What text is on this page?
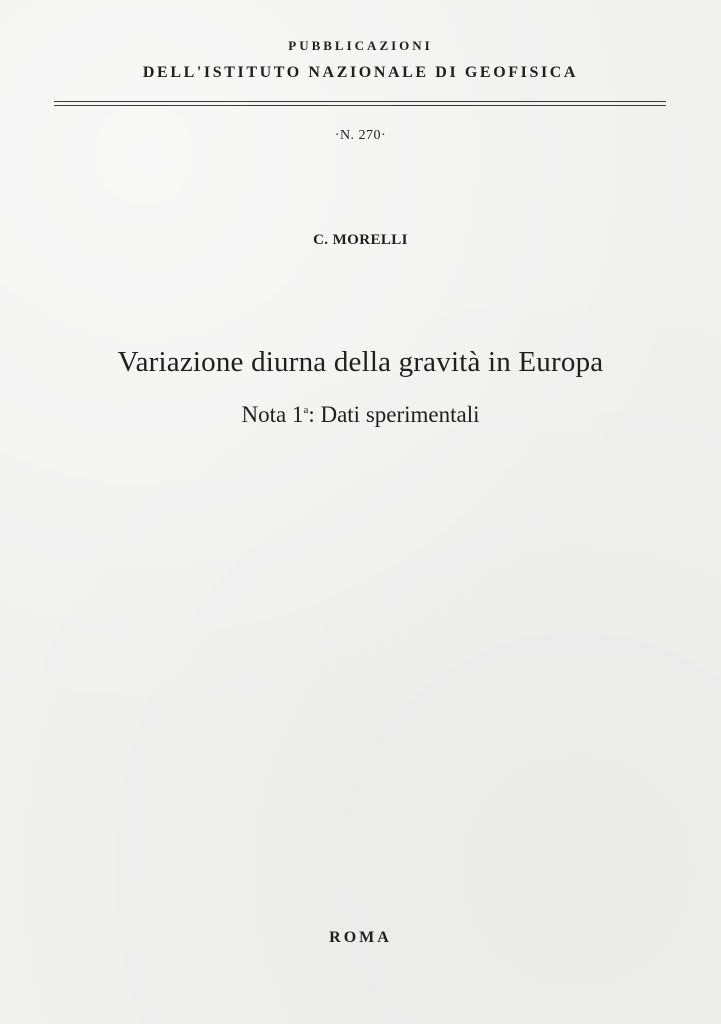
PUBBLICAZIONI
DELL'ISTITUTO NAZIONALE DI GEOFISICA
·N. 270·
C. MORELLI
Variazione diurna della gravità in Europa
Nota 1$^a$: Dati sperimentali
ROMA
